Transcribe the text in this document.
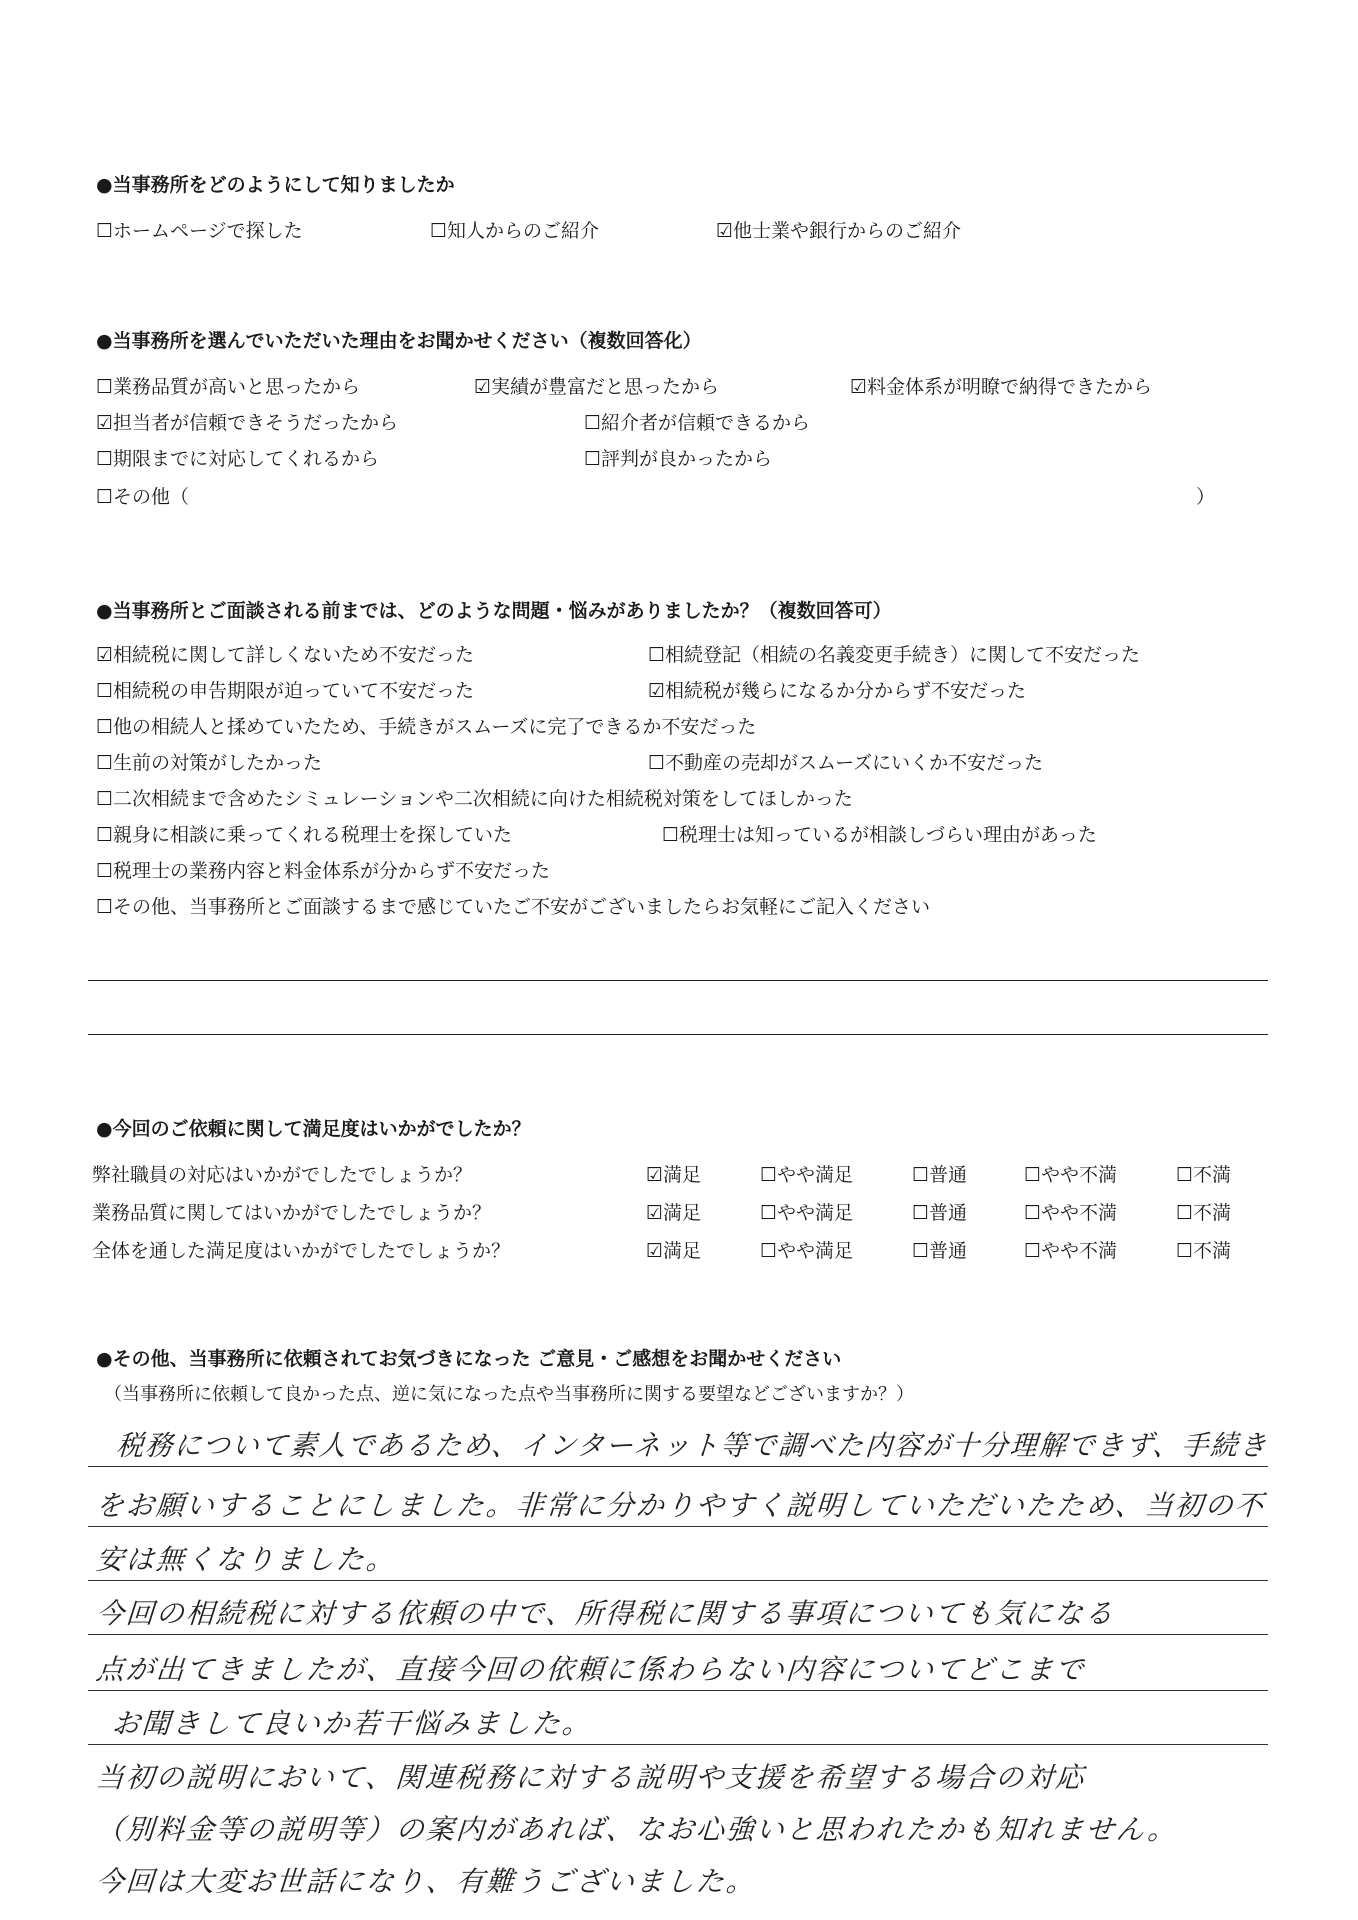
●当事務所をどのようにして知りましたか
☐ホームページで探した	☐知人からのご紹介	☑他士業や銀行からのご紹介
●当事務所を選んでいただいた理由をお聞かせください（複数回答化）
☐業務品質が高いと思ったから	☑実績が豊富だと思ったから	☑料金体系が明瞭で納得できたから
☑担当者が信頼できそうだったから	☐紹介者が信頼できるから
☐期限までに対応してくれるから	☐評判が良かったから
☐その他（	）
●当事務所とご面談される前までは、どのような問題・悩みがありましたか？（複数回答可）
☑相続税に関して詳しくないため不安だった	☐相続登記（相続の名義変更手続き）に関して不安だった
☐相続税の申告期限が迫っていて不安だった	☑相続税が幾らになるか分からず不安だった
☐他の相続人と揉めていたため、手続きがスムーズに完了できるか不安だった
☐生前の対策がしたかった	☐不動産の売却がスムーズにいくか不安だった
☐二次相続まで含めたシミュレーションや二次相続に向けた相続税対策をしてほしかった
☐親身に相談に乗ってくれる税理士を探していた	☐税理士は知っているが相談しづらい理由があった
☐税理士の業務内容と料金体系が分からず不安だった
☐その他、当事務所とご面談するまで感じていたご不安がございましたらお気軽にご記入ください
●今回のご依頼に関して満足度はいかがでしたか？
弊社職員の対応はいかがでしたでしょうか？	☑満足	☐やや満足	☐普通	☐やや不満	☐不満
業務品質に関してはいかがでしたでしょうか？	☑満足	☐やや満足	☐普通	☐やや不満	☐不満
全体を通した満足度はいかがでしたでしょうか？	☑満足	☐やや満足	☐普通	☐やや不満	☐不満
●その他、当事務所に依頼されてお気づきになった ご意見・ご感想をお聞かせください
（当事務所に依頼して良かった点、逆に気になった点や当事務所に関する要望などございますか？）
税務について素人であるため、インターネット等で調べた内容が十分理解できず、手続き
をお願いすることにしました。非常に分かりやすく説明していただいたため、当初の不
安は無くなりました。
今回の相続税に対する依頼の中で、所得税に関する事項についても気になる
点が出てきましたが、直接今回の依頼に係わらない内容についてどこまで
お聞きして良いか若干悩みました。
当初の説明において、関連税務に対する説明や支援を希望する場合の対応
（別料金等の説明等）の案内があれば、なお心強いと思われたかも知れません。
今回は大変お世話になり、有難うございました。
